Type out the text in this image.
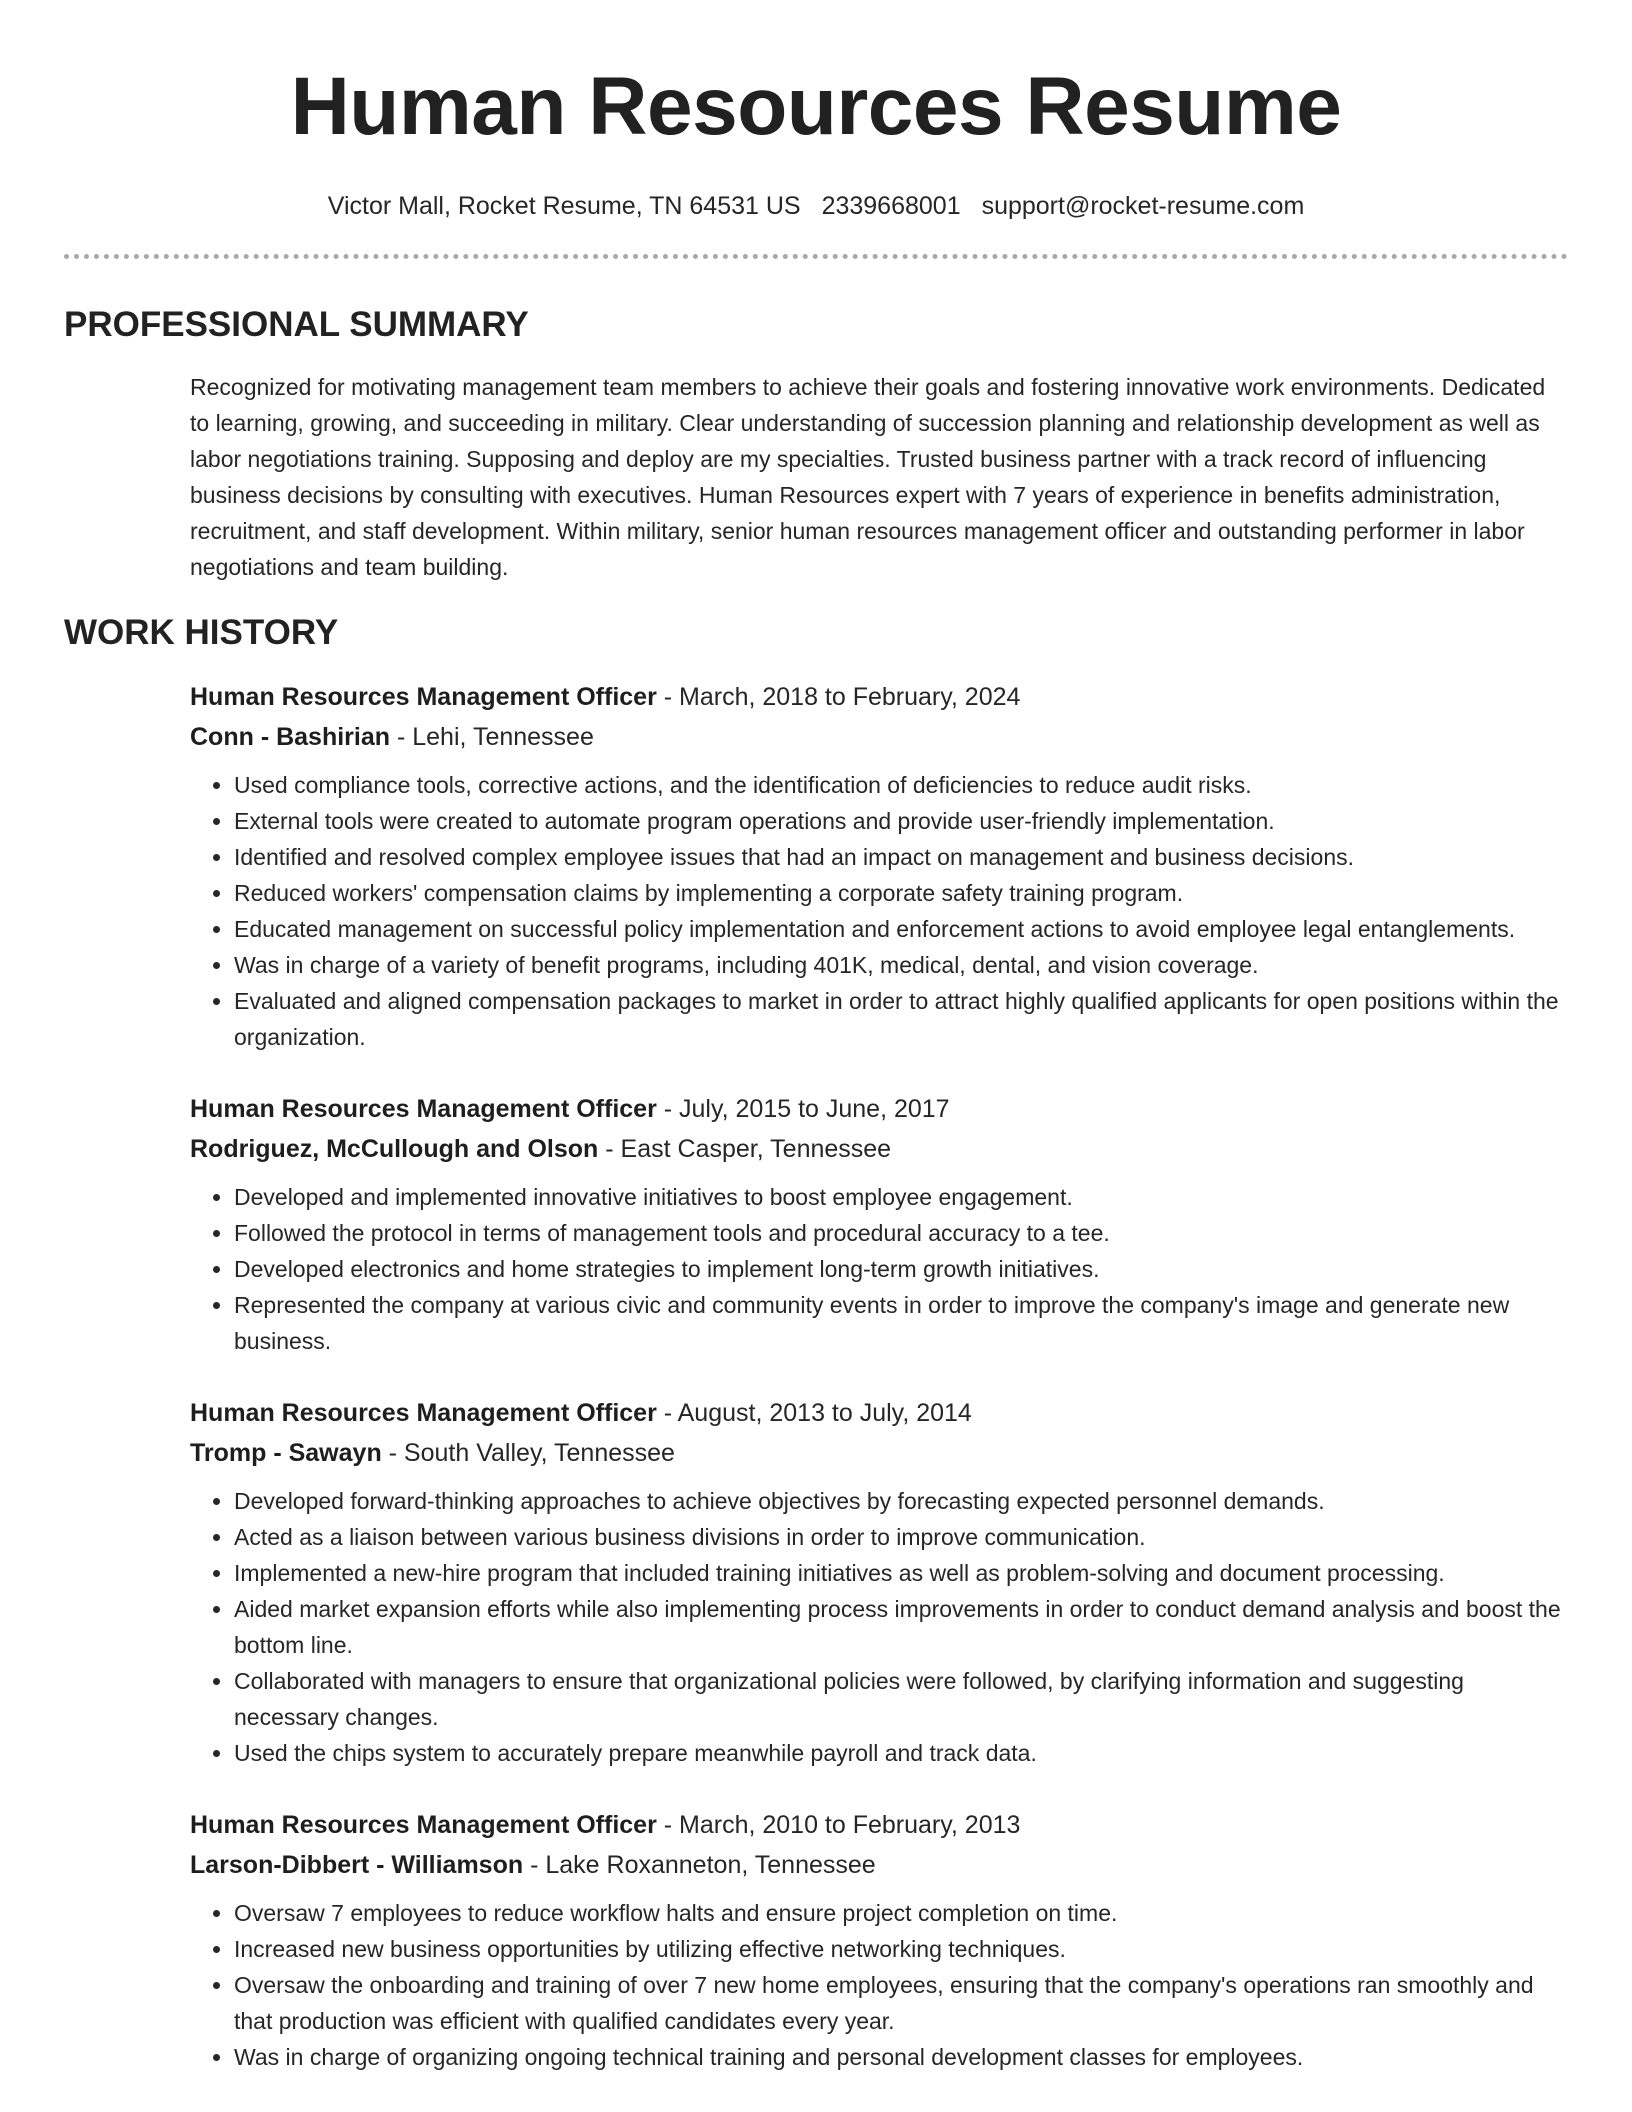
Human Resources Resume
Victor Mall, Rocket Resume, TN 64531 US 2339668001 support@rocket-resume.com
PROFESSIONAL SUMMARY
Recognized for motivating management team members to achieve their goals and fostering innovative work environments. Dedicated to learning, growing, and succeeding in military. Clear understanding of succession planning and relationship development as well as labor negotiations training. Supposing and deploy are my specialties. Trusted business partner with a track record of influencing business decisions by consulting with executives. Human Resources expert with 7 years of experience in benefits administration, recruitment, and staff development. Within military, senior human resources management officer and outstanding performer in labor negotiations and team building.
WORK HISTORY
Human Resources Management Officer - March, 2018 to February, 2024
Conn - Bashirian - Lehi, Tennessee
• Used compliance tools, corrective actions, and the identification of deficiencies to reduce audit risks.
• External tools were created to automate program operations and provide user-friendly implementation.
• Identified and resolved complex employee issues that had an impact on management and business decisions.
• Reduced workers' compensation claims by implementing a corporate safety training program.
• Educated management on successful policy implementation and enforcement actions to avoid employee legal entanglements.
• Was in charge of a variety of benefit programs, including 401K, medical, dental, and vision coverage.
• Evaluated and aligned compensation packages to market in order to attract highly qualified applicants for open positions within the organization.
Human Resources Management Officer - July, 2015 to June, 2017
Rodriguez, McCullough and Olson - East Casper, Tennessee
• Developed and implemented innovative initiatives to boost employee engagement.
• Followed the protocol in terms of management tools and procedural accuracy to a tee.
• Developed electronics and home strategies to implement long-term growth initiatives.
• Represented the company at various civic and community events in order to improve the company's image and generate new business.
Human Resources Management Officer - August, 2013 to July, 2014
Tromp - Sawayn - South Valley, Tennessee
• Developed forward-thinking approaches to achieve objectives by forecasting expected personnel demands.
• Acted as a liaison between various business divisions in order to improve communication.
• Implemented a new-hire program that included training initiatives as well as problem-solving and document processing.
• Aided market expansion efforts while also implementing process improvements in order to conduct demand analysis and boost the bottom line.
• Collaborated with managers to ensure that organizational policies were followed, by clarifying information and suggesting necessary changes.
• Used the chips system to accurately prepare meanwhile payroll and track data.
Human Resources Management Officer - March, 2010 to February, 2013
Larson-Dibbert - Williamson - Lake Roxanneton, Tennessee
• Oversaw 7 employees to reduce workflow halts and ensure project completion on time.
• Increased new business opportunities by utilizing effective networking techniques.
• Oversaw the onboarding and training of over 7 new home employees, ensuring that the company's operations ran smoothly and that production was efficient with qualified candidates every year.
• Was in charge of organizing ongoing technical training and personal development classes for employees.
